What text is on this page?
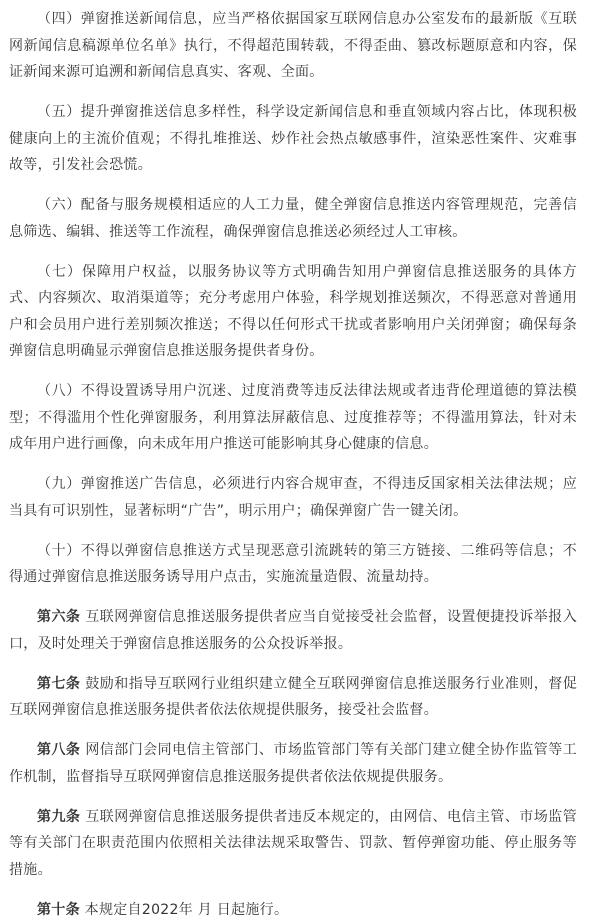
（四）弹窗推送新闻信息，应当严格依据国家互联网信息办公室发布的最新版《互联网新闻信息稿源单位名单》执行，不得超范围转载，不得歪曲、篡改标题原意和内容，保证新闻来源可追溯和新闻信息真实、客观、全面。

（五）提升弹窗推送信息多样性，科学设定新闻信息和垂直领域内容占比，体现积极健康向上的主流价值观；不得扎堆推送、炒作社会热点敏感事件，渲染恶性案件、灾难事故等，引发社会恐慌。

（六）配备与服务规模相适应的人工力量，健全弹窗信息推送内容管理规范，完善信息筛选、编辑、推送等工作流程，确保弹窗信息推送必须经过人工审核。

（七）保障用户权益，以服务协议等方式明确告知用户弹窗信息推送服务的具体方式、内容频次、取消渠道等；充分考虑用户体验，科学规划推送频次，不得恶意对普通用户和会员用户进行差别频次推送；不得以任何形式干扰或者影响用户关闭弹窗；确保每条弹窗信息明确显示弹窗信息推送服务提供者身份。

（八）不得设置诱导用户沉迷、过度消费等违反法律法规或者违背伦理道德的算法模型；不得滥用个性化弹窗服务，利用算法屏蔽信息、过度推荐等；不得滥用算法，针对未成年用户进行画像，向未成年用户推送可能影响其身心健康的信息。

（九）弹窗推送广告信息，必须进行内容合规审查，不得违反国家相关法律法规；应当具有可识别性，显著标明“广告”，明示用户；确保弹窗广告一键关闭。

（十）不得以弹窗信息推送方式呈现恶意引流跳转的第三方链接、二维码等信息；不得通过弹窗信息推送服务诱导用户点击，实施流量造假、流量劫持。

第六条 互联网弹窗信息推送服务提供者应当自觉接受社会监督，设置便捷投诉举报入口，及时处理关于弹窗信息推送服务的公众投诉举报。

第七条 鼓励和指导互联网行业组织建立健全互联网弹窗信息推送服务行业准则，督促互联网弹窗信息推送服务提供者依法依规提供服务，接受社会监督。

第八条 网信部门会同电信主管部门、市场监管部门等有关部门建立健全协作监管等工作机制，监督指导互联网弹窗信息推送服务提供者依法依规提供服务。

第九条 互联网弹窗信息推送服务提供者违反本规定的，由网信、电信主管、市场监管等有关部门在职责范围内依照相关法律法规采取警告、罚款、暂停弹窗功能、停止服务等措施。

第十条 本规定自2022年 月 日起施行。
